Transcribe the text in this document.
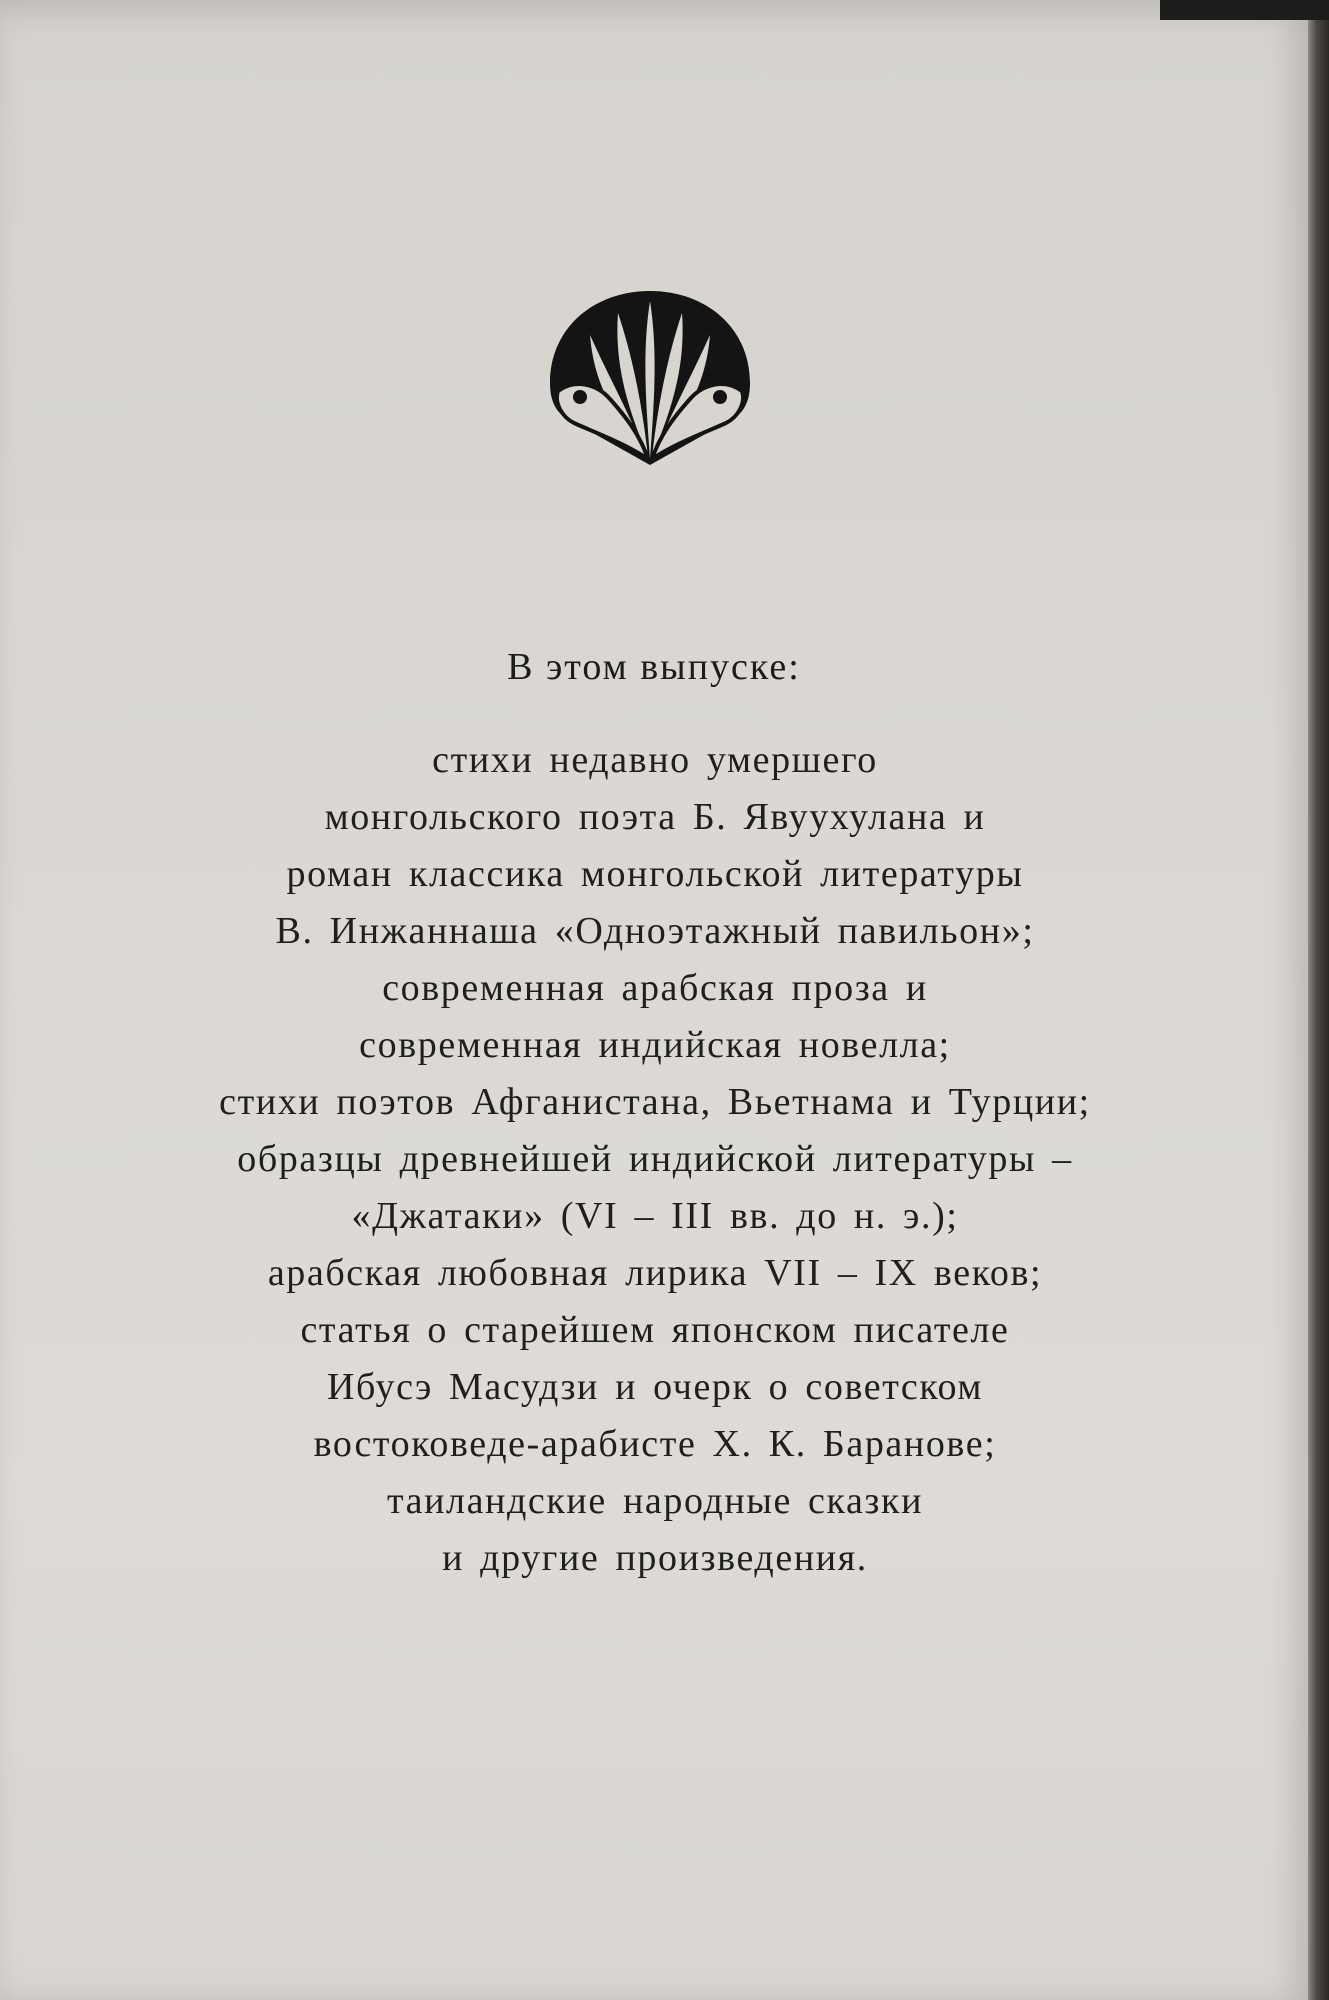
В этом выпуске:
стихи недавно умершего
монгольского поэта Б. Явуухулана и
роман классика монгольской литературы
В. Инжаннаша «Одноэтажный павильон»;
современная арабская проза и
современная индийская новелла;
стихи поэтов Афганистана, Вьетнама и Турции;
образцы древнейшей индийской литературы –
«Джатаки» (VI – III вв. до н. э.);
арабская любовная лирика VII – IX веков;
статья о старейшем японском писателе
Ибусэ Масудзи и очерк о советском
востоковеде-арабисте Х. К. Баранове;
таиландские народные сказки
и другие произведения.
